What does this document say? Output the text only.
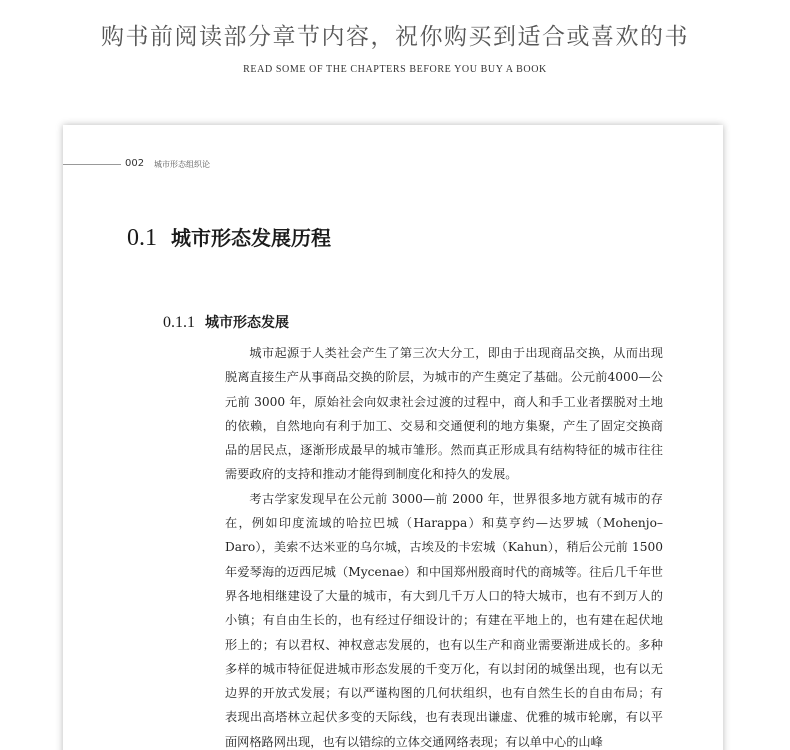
购书前阅读部分章节内容，祝你购买到适合或喜欢的书
READ SOME OF THE CHAPTERS BEFORE YOU BUY A BOOK
002 城市形态组织论
0.1 城市形态发展历程
0.1.1 城市形态发展

城市起源于人类社会产生了第三次大分工，即由于出现商品交换，从而出现脱离直接生产从事商品交换的阶层，为城市的产生奠定了基础。公元前4000—公元前 3000 年，原始社会向奴隶社会过渡的过程中，商人和手工业者摆脱对土地的依赖，自然地向有利于加工、交易和交通便利的地方集聚，产生了固定交换商品的居民点，逐渐形成最早的城市雏形。然而真正形成具有结构特征的城市往往需要政府的支持和推动才能得到制度化和持久的发展。

考古学家发现早在公元前 3000—前 2000 年，世界很多地方就有城市的存在，例如印度流域的哈拉巴城（Harappa）和莫亨约—达罗城（Mohenjo–Daro），美索不达米亚的乌尔城，古埃及的卡宏城（Kahun），稍后公元前 1500 年爱琴海的迈西尼城（Mycenae）和中国郑州殷商时代的商城等。往后几千年世界各地相继建设了大量的城市，有大到几千万人口的特大城市，也有不到万人的小镇；有自由生长的，也有经过仔细设计的；有建在平地上的，也有建在起伏地形上的；有以君权、神权意志发展的，也有以生产和商业需要渐进成长的。多种多样的城市特征促进城市形态发展的千变万化，有以封闭的城堡出现，也有以无边界的开放式发展；有以严谨构图的几何状组织，也有自然生长的自由布局；有表现出高塔林立起伏多变的天际线，也有表现出谦虚、优雅的城市轮廓，有以平面网格路网出现，也有以错综的立体交通网络表现；有以单中心的山峰
